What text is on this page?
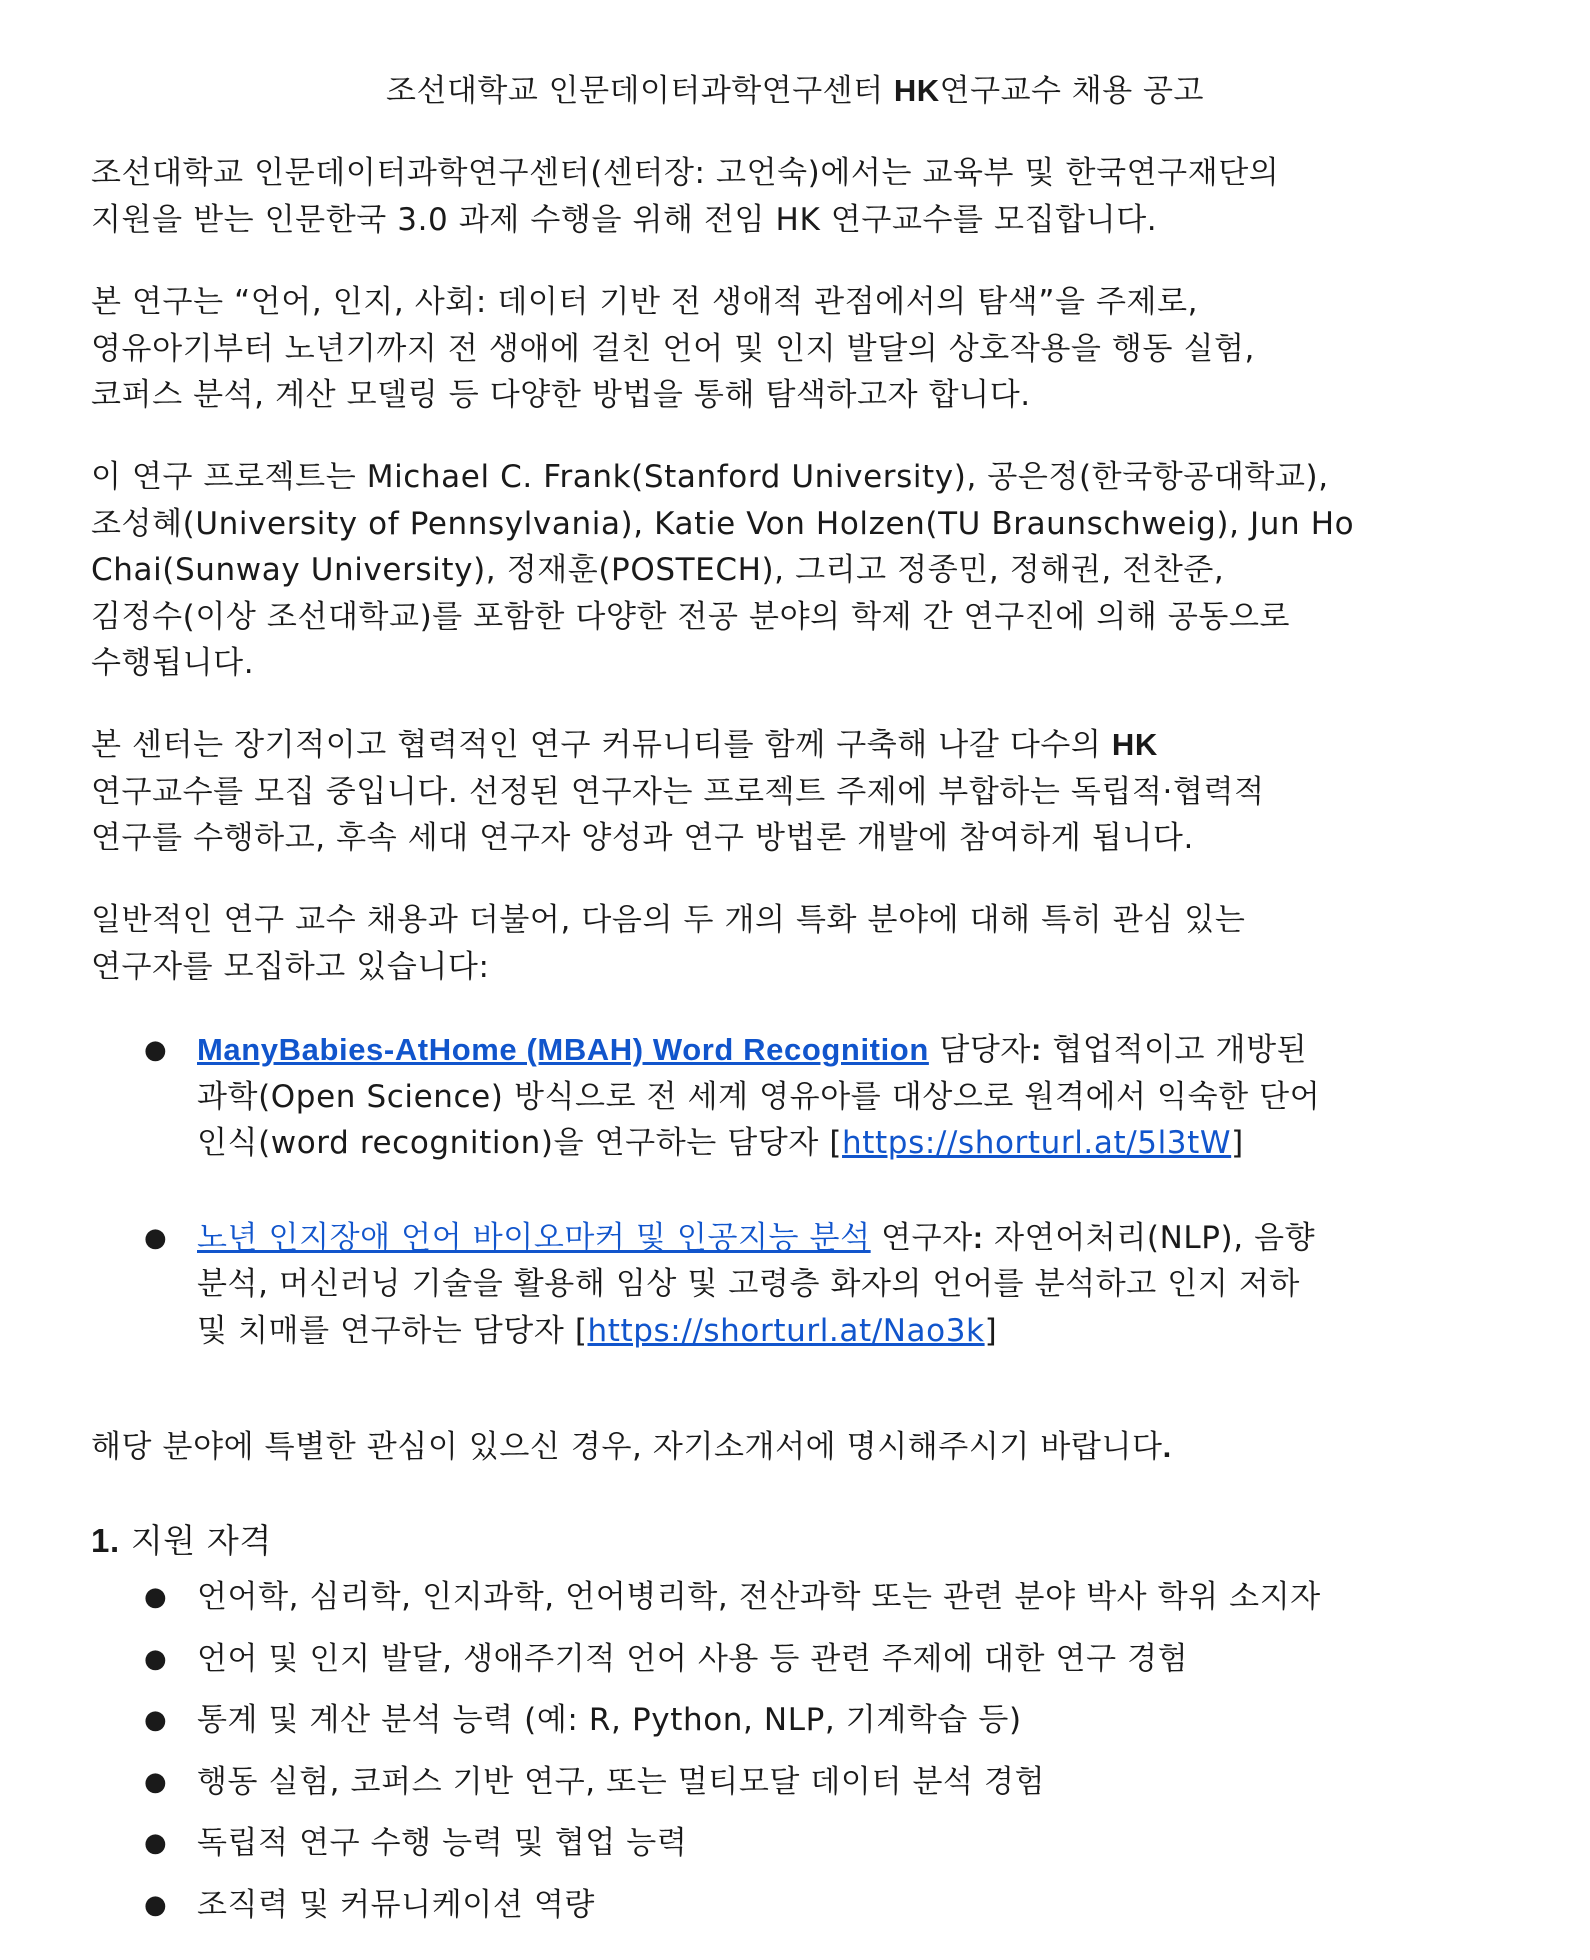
조선대학교 인문데이터과학연구센터 HK연구교수 채용 공고

조선대학교 인문데이터과학연구센터(센터장: 고언숙)에서는 교육부 및 한국연구재단의
지원을 받는 인문한국 3.0 과제 수행을 위해 전임 HK 연구교수를 모집합니다.

본 연구는 “언어, 인지, 사회: 데이터 기반 전 생애적 관점에서의 탐색”을 주제로,
영유아기부터 노년기까지 전 생애에 걸친 언어 및 인지 발달의 상호작용을 행동 실험,
코퍼스 분석, 계산 모델링 등 다양한 방법을 통해 탐색하고자 합니다.

이 연구 프로젝트는 Michael C. Frank(Stanford University), 공은정(한국항공대학교),
조성혜(University of Pennsylvania), Katie Von Holzen(TU Braunschweig), Jun Ho
Chai(Sunway University), 정재훈(POSTECH), 그리고 정종민, 정해권, 전찬준,
김정수(이상 조선대학교)를 포함한 다양한 전공 분야의 학제 간 연구진에 의해 공동으로
수행됩니다.

본 센터는 장기적이고 협력적인 연구 커뮤니티를 함께 구축해 나갈 다수의 HK
연구교수를 모집 중입니다. 선정된 연구자는 프로젝트 주제에 부합하는 독립적·협력적
연구를 수행하고, 후속 세대 연구자 양성과 연구 방법론 개발에 참여하게 됩니다.

일반적인 연구 교수 채용과 더불어, 다음의 두 개의 특화 분야에 대해 특히 관심 있는
연구자를 모집하고 있습니다:

● ManyBabies-AtHome (MBAH) Word Recognition 담당자: 협업적이고 개방된
과학(Open Science) 방식으로 전 세계 영유아를 대상으로 원격에서 익숙한 단어
인식(word recognition)을 연구하는 담당자 [https://shorturl.at/5l3tW]
● 노년 인지장애 언어 바이오마커 및 인공지능 분석 연구자: 자연어처리(NLP), 음향
분석, 머신러닝 기술을 활용해 임상 및 고령층 화자의 언어를 분석하고 인지 저하
및 치매를 연구하는 담당자 [https://shorturl.at/Nao3k]

해당 분야에 특별한 관심이 있으신 경우, 자기소개서에 명시해주시기 바랍니다.

1. 지원 자격
● 언어학, 심리학, 인지과학, 언어병리학, 전산과학 또는 관련 분야 박사 학위 소지자
● 언어 및 인지 발달, 생애주기적 언어 사용 등 관련 주제에 대한 연구 경험
● 통계 및 계산 분석 능력 (예: R, Python, NLP, 기계학습 등)
● 행동 실험, 코퍼스 기반 연구, 또는 멀티모달 데이터 분석 경험
● 독립적 연구 수행 능력 및 협업 능력
● 조직력 및 커뮤니케이션 역량
